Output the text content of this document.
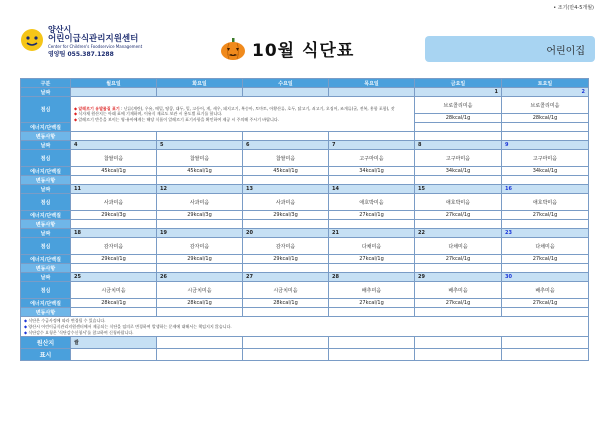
• 조기(만4-5개월)
양산시
어린이급식관리지원센터
Center for Children's Foodservice Management
영양팀 055.387.1288	10월 식단표	어린이집
구분	월요일	화요일	수요일	목요일	금요일	토요일
날짜					1	2
점심	◆ 알레르기 유발물질 표기 : 난류(계란), 우유, 메밀, 땅콩, 대두, 밀, 고등어, 게, 새우, 돼지고기, 복숭아, 토마토, 아황산류, 호두, 닭고기, 쇠고기, 오징어, 조개류(굴, 전복, 홍합 포함), 잣
◆ 식자재 원산지는 아래 표에 기재하며, 이유식 재료도 보관 시 용도별 표기를 합니다.
◆ 알레르기 반응을 보이는 영·유아에게는 해당 식품이 알레르기 표기사항을 확인하여 제공 시 주의해 주시기 바랍니다.				브로콜리미음	브로콜리미음
					28kcal/1g	28kcal/1g
에너지/단백질						
변동사항						
날짜	4	5	6	7	8	9
점심	찹쌀미음	찹쌀미음	찹쌀미음	고구마미음	고구마미음	고구마미음
에너지/단백질	45kcal/1g	45kcal/1g	45kcal/1g	34kcal/1g	34kcal/1g	34kcal/1g
변동사항						
날짜	11	12	13	14	15	16
점심	사과미음	사과미음	사과미음	애호박미음	애호박미음	애호박미음
에너지/단백질	29kcal/3g	29kcal/3g	29kcal/3g	27kcal/1g	27kcal/1g	27kcal/1g
변동사항						
날짜	18	19	20	21	22	23
점심	감자미음	감자미음	감자미음	다채미음	다채미음	다채미음
에너지/단백질	29kcal/1g	29kcal/1g	29kcal/1g	27kcal/1g	27kcal/1g	27kcal/1g
변동사항						
날짜	25	26	27	28	29	30
점심	시금치미음	시금치미음	시금치미음	배추미음	배추미음	배추미음
에너지/단백질	28kcal/1g	28kcal/1g	28kcal/1g	27kcal/1g	27kcal/1g	27kcal/1g
변동사항						

◆ 식단은 수급사정에 따라 변경될 수 있습니다.
◆ 양산시 어린이급식관리지원센터에서 제공되는 식단을 임의로 변경하여 발생하는 문제에 대해서는 책임지지 않습니다.
◆ 식단감수 요청은 '식단감수신청서'를 참고하여 신청바랍니다.						

원산지	쌀					
표시						
